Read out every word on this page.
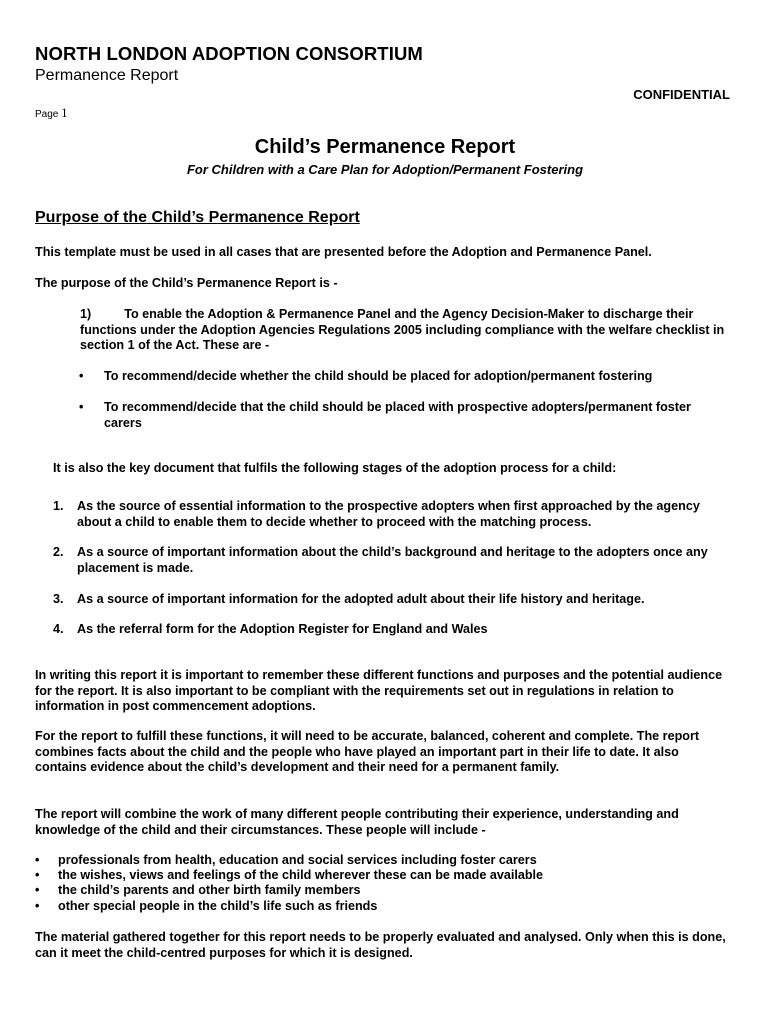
NORTH LONDON ADOPTION CONSORTIUM
Permanence Report
CONFIDENTIAL
Page 1
Child’s Permanence Report
For Children with a Care Plan for Adoption/Permanent Fostering
Purpose of the Child’s Permanence Report
This template must be used in all cases that are presented before the Adoption and Permanence Panel.
The purpose of the Child’s Permanence Report is -
1)	To enable the Adoption & Permanence Panel and the Agency Decision-Maker to discharge their functions under the Adoption Agencies Regulations 2005 including compliance with the welfare checklist in section 1 of the Act. These are -
• To recommend/decide whether the child should be placed for adoption/permanent fostering
• To recommend/decide that the child should be placed with prospective adopters/permanent foster carers
It is also the key document that fulfils the following stages of the adoption process for a child:
1. As the source of essential information to the prospective adopters when first approached by the agency about a child to enable them to decide whether to proceed with the matching process.
2. As a source of important information about the child’s background and heritage to the adopters once any placement is made.
3. As a source of important information for the adopted adult about their life history and heritage.
4. As the referral form for the Adoption Register for England and Wales
In writing this report it is important to remember these different functions and purposes and the potential audience for the report. It is also important to be compliant with the requirements set out in regulations in relation to information in post commencement adoptions.
For the report to fulfill these functions, it will need to be accurate, balanced, coherent and complete. The report combines facts about the child and the people who have played an important part in their life to date. It also contains evidence about the child’s development and their need for a permanent family.
The report will combine the work of many different people contributing their experience, understanding and knowledge of the child and their circumstances. These people will include -
• professionals from health, education and social services including foster carers
• the wishes, views and feelings of the child wherever these can be made available
• the child’s parents and other birth family members
• other special people in the child’s life such as friends
The material gathered together for this report needs to be properly evaluated and analysed. Only when this is done, can it meet the child-centred purposes for which it is designed.
